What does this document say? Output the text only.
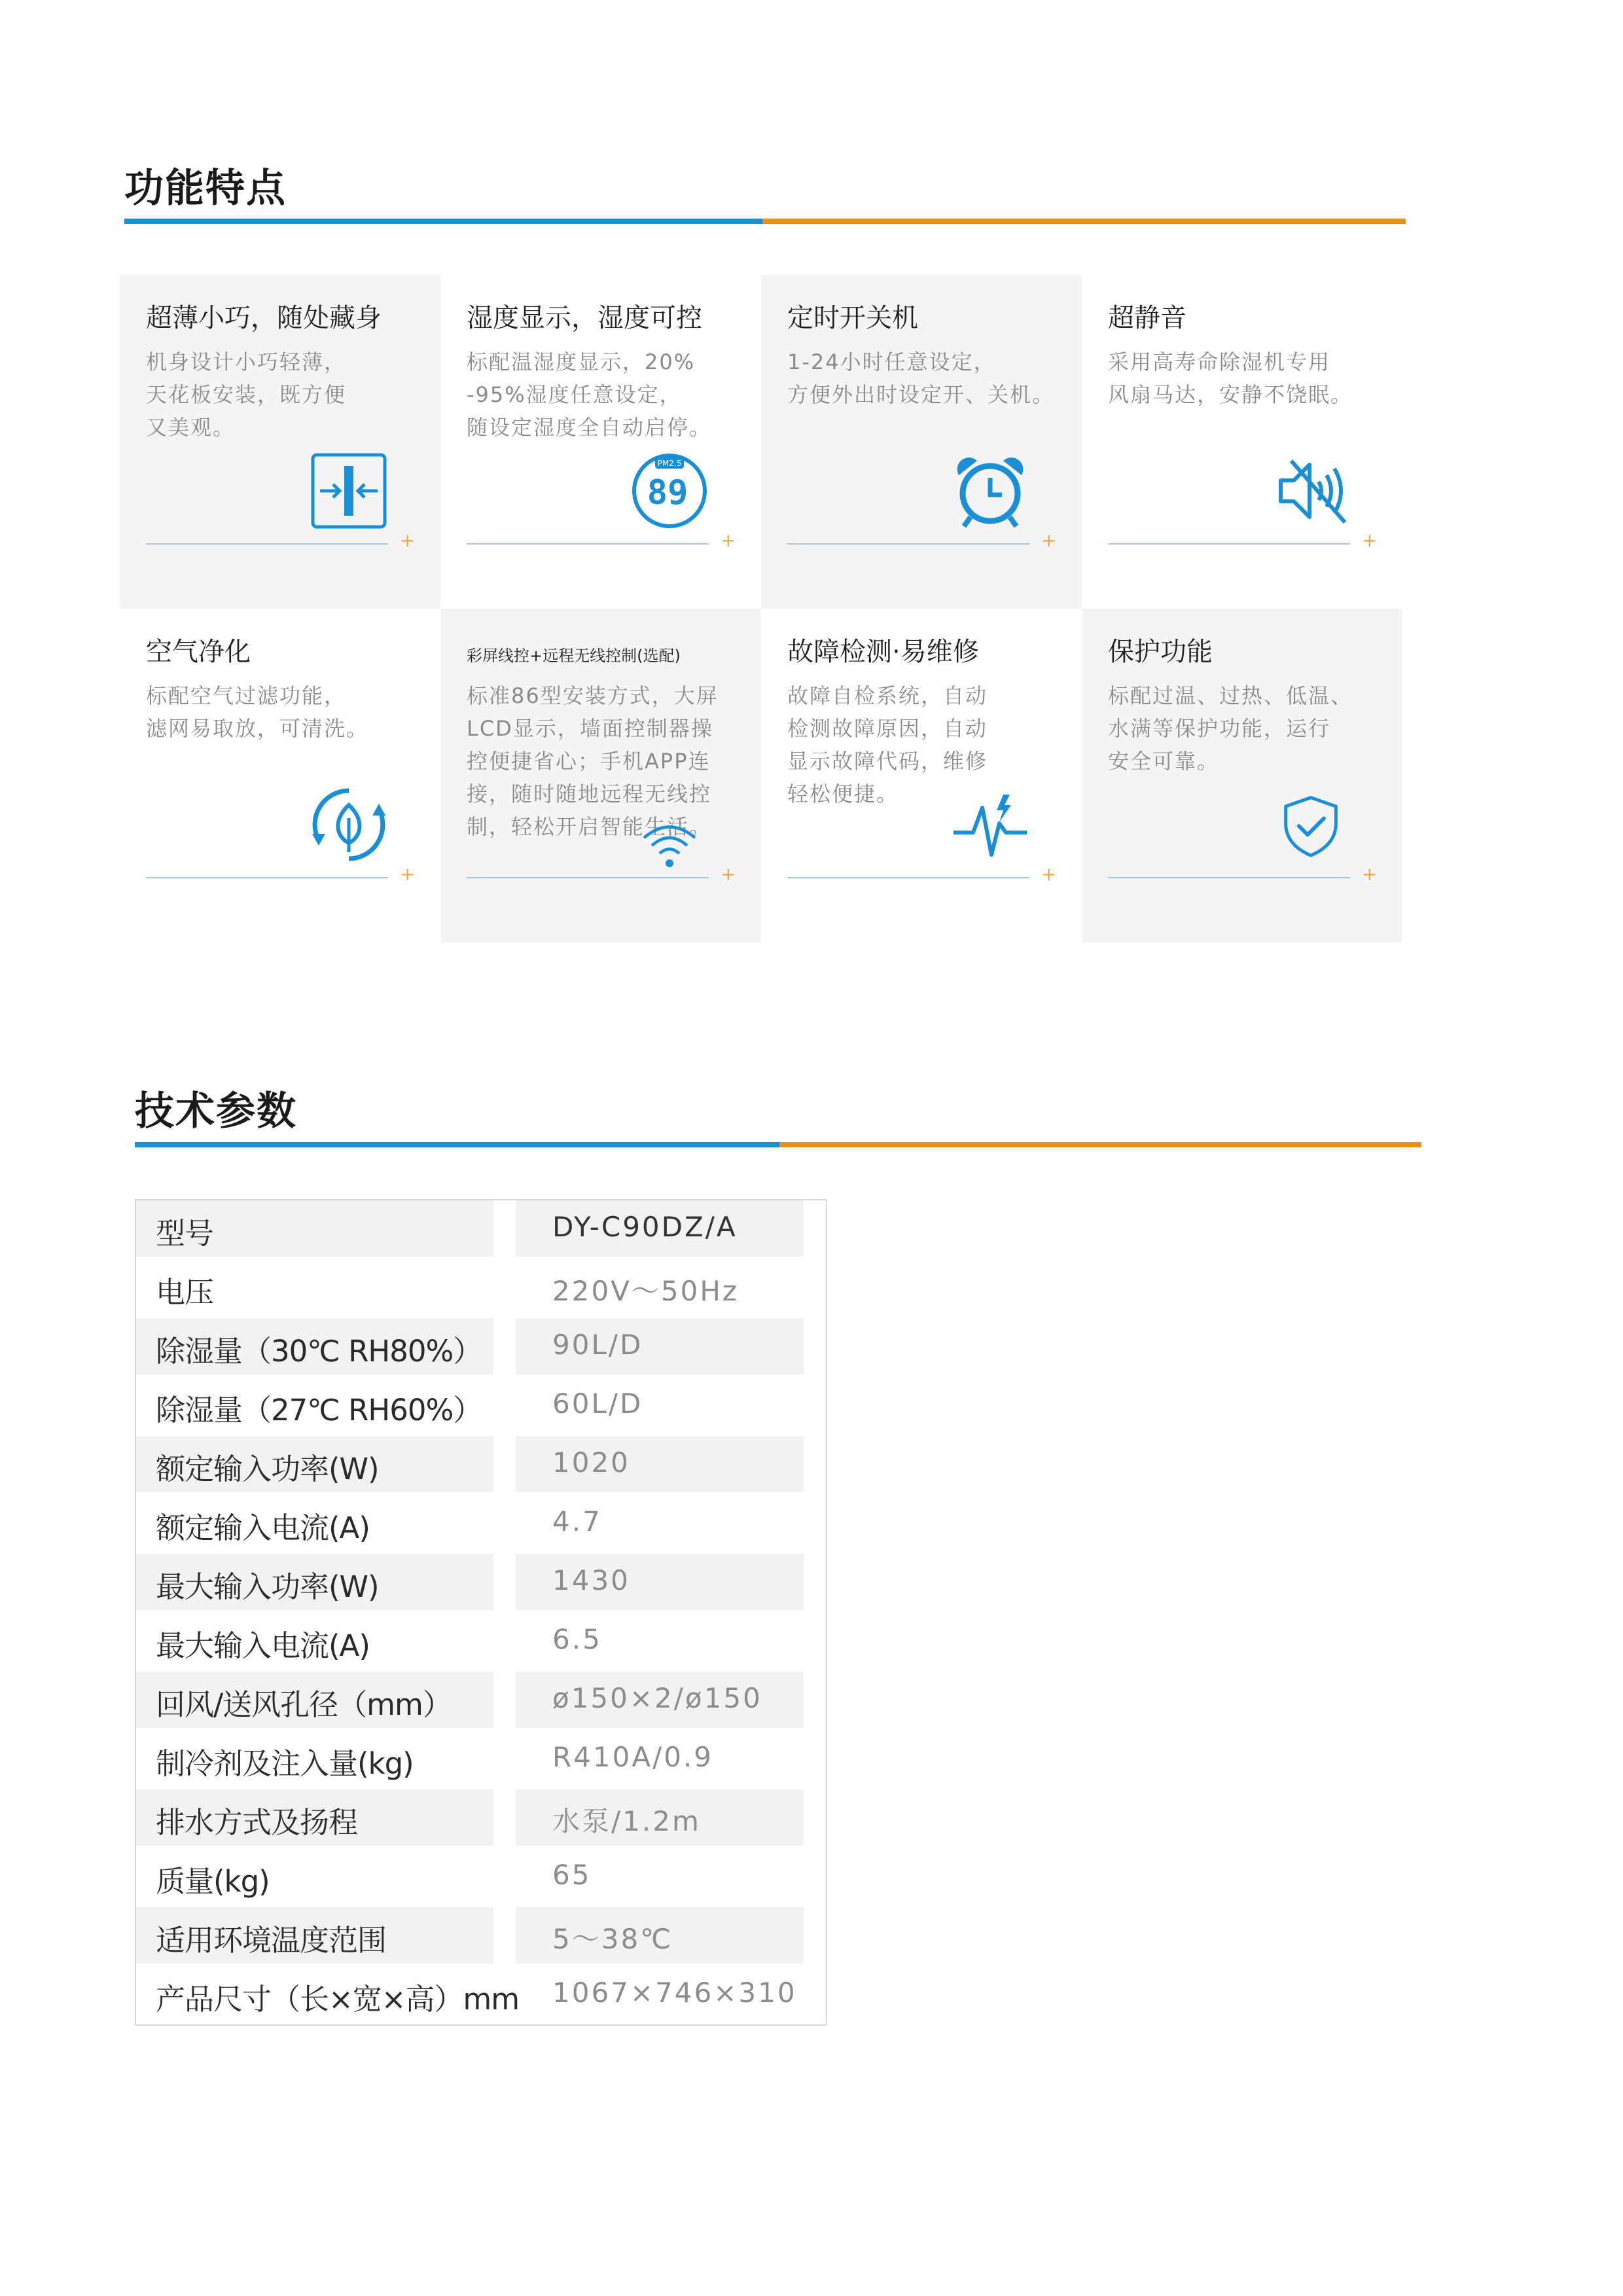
功能特点
超薄小巧，随处藏身
机身设计小巧轻薄，
天花板安装，既方便
又美观。
+
湿度显示，湿度可控
标配温湿度显示，20%
-95%湿度任意设定，
随设定湿度全自动启停。
PM2.5
89
+
定时开关机
1-24小时任意设定，
方便外出时设定开、关机。
+
超静音
采用高寿命除湿机专用
风扇马达，安静不饶眠。
+
空气净化
标配空气过滤功能，
滤网易取放，可清洗。
+
彩屏线控+远程无线控制(选配)
标准86型安装方式，大屏
LCD显示，墙面控制器操
控便捷省心；手机APP连
接，随时随地远程无线控
制，轻松开启智能生活。
+
故障检测·易维修
故障自检系统，自动
检测故障原因，自动
显示故障代码，维修
轻松便捷。
+
保护功能
标配过温、过热、低温、
水满等保护功能，运行
安全可靠。
+
技术参数
型号	DY-C90DZ/A
电压	220V～50Hz
除湿量（30℃ RH80%）	90L/D
除湿量（27℃ RH60%）	60L/D
额定输入功率(W)	1020
额定输入电流(A)	4.7
最大输入功率(W)	1430
最大输入电流(A)	6.5
回风/送风孔径（mm）	ø150×2/ø150
制冷剂及注入量(kg)	R410A/0.9
排水方式及扬程	水泵/1.2m
质量(kg)	65
适用环境温度范围	5～38℃
产品尺寸（长×宽×高）mm 1067×746×310
